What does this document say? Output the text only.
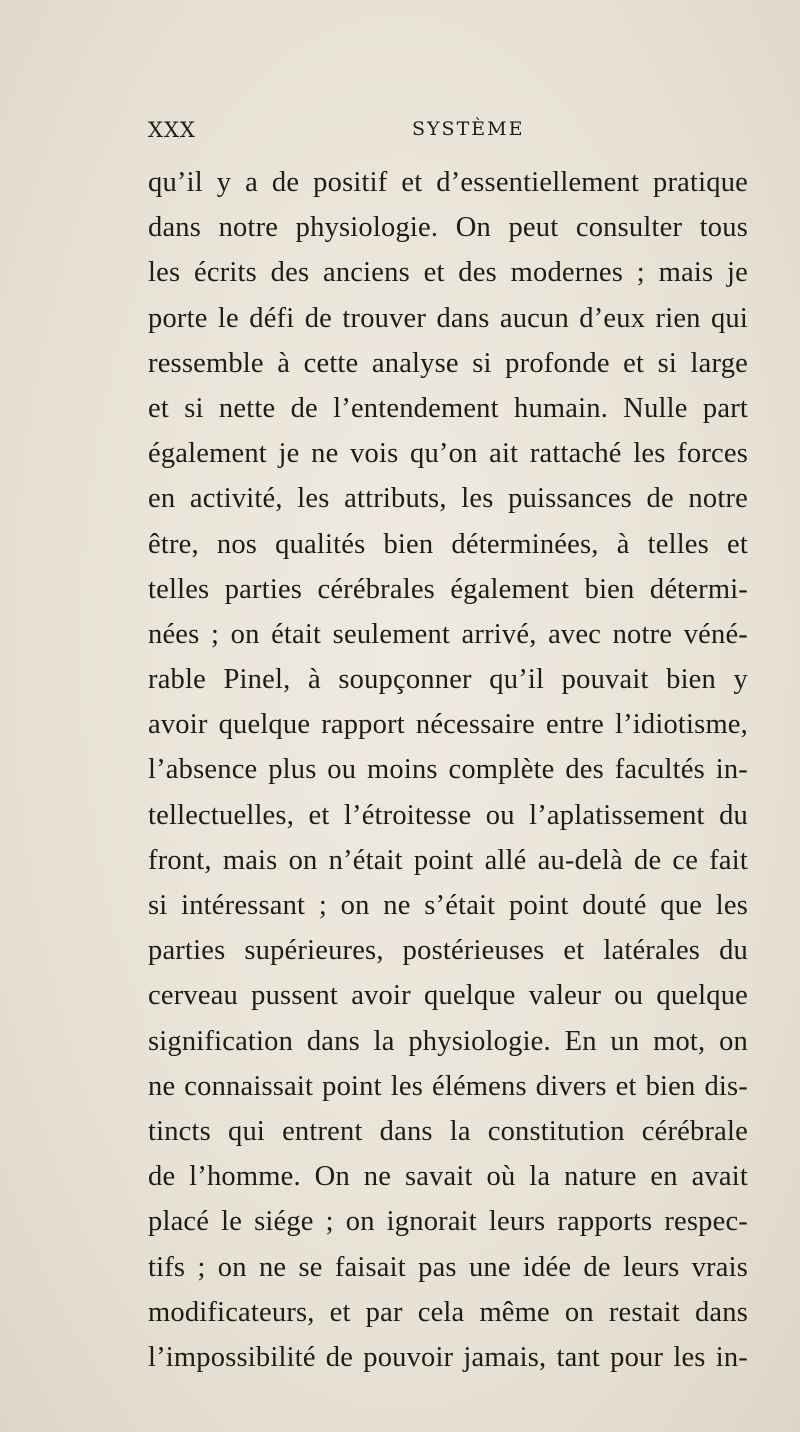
XXX	SYSTÈME
qu’il y a de positif et d’essentiellement pratique
dans notre physiologie. On peut consulter tous
les écrits des anciens et des modernes ; mais je
porte le défi de trouver dans aucun d’eux rien qui
ressemble à cette analyse si profonde et si large
et si nette de l’entendement humain. Nulle part
également je ne vois qu’on ait rattaché les forces
en activité, les attributs, les puissances de notre
être, nos qualités bien déterminées, à telles et
telles parties cérébrales également bien détermi-
nées ; on était seulement arrivé, avec notre véné-
rable Pinel, à soupçonner qu’il pouvait bien y
avoir quelque rapport nécessaire entre l’idiotisme,
l’absence plus ou moins complète des facultés in-
tellectuelles, et l’étroitesse ou l’aplatissement du
front, mais on n’était point allé au-delà de ce fait
si intéressant ; on ne s’était point douté que les
parties supérieures, postérieuses et latérales du
cerveau pussent avoir quelque valeur ou quelque
signification dans la physiologie. En un mot, on
ne connaissait point les élémens divers et bien dis-
tincts qui entrent dans la constitution cérébrale
de l’homme. On ne savait où la nature en avait
placé le siége ; on ignorait leurs rapports respec-
tifs ; on ne se faisait pas une idée de leurs vrais
modificateurs, et par cela même on restait dans
l’impossibilité de pouvoir jamais, tant pour les in-
